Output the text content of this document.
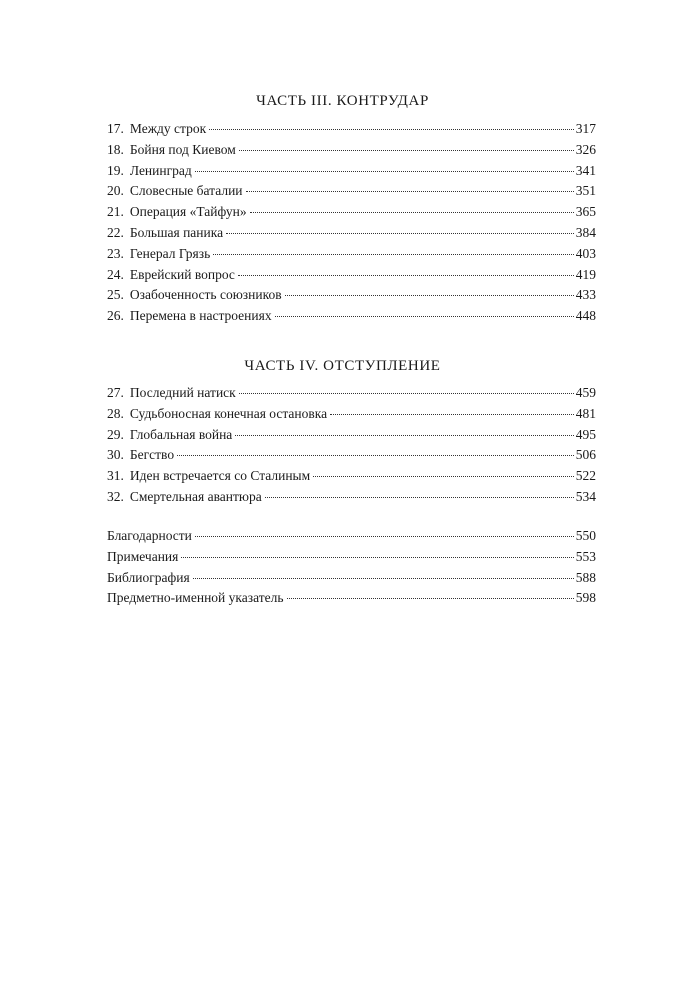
ЧАСТЬ III. КОНТРУДАР
17. Между строк	317
18. Бойня под Киевом	326
19. Ленинград	341
20. Словесные баталии	351
21. Операция «Тайфун»	365
22. Большая паника	384
23. Генерал Грязь	403
24. Еврейский вопрос	419
25. Озабоченность союзников	433
26. Перемена в настроениях	448
ЧАСТЬ IV. ОТСТУПЛЕНИЕ
27. Последний натиск	459
28. Судьбоносная конечная остановка	481
29. Глобальная война	495
30. Бегство	506
31. Иден встречается со Сталиным	522
32. Смертельная авантюра	534
Благодарности	550
Примечания	553
Библиография	588
Предметно-именной указатель	598
